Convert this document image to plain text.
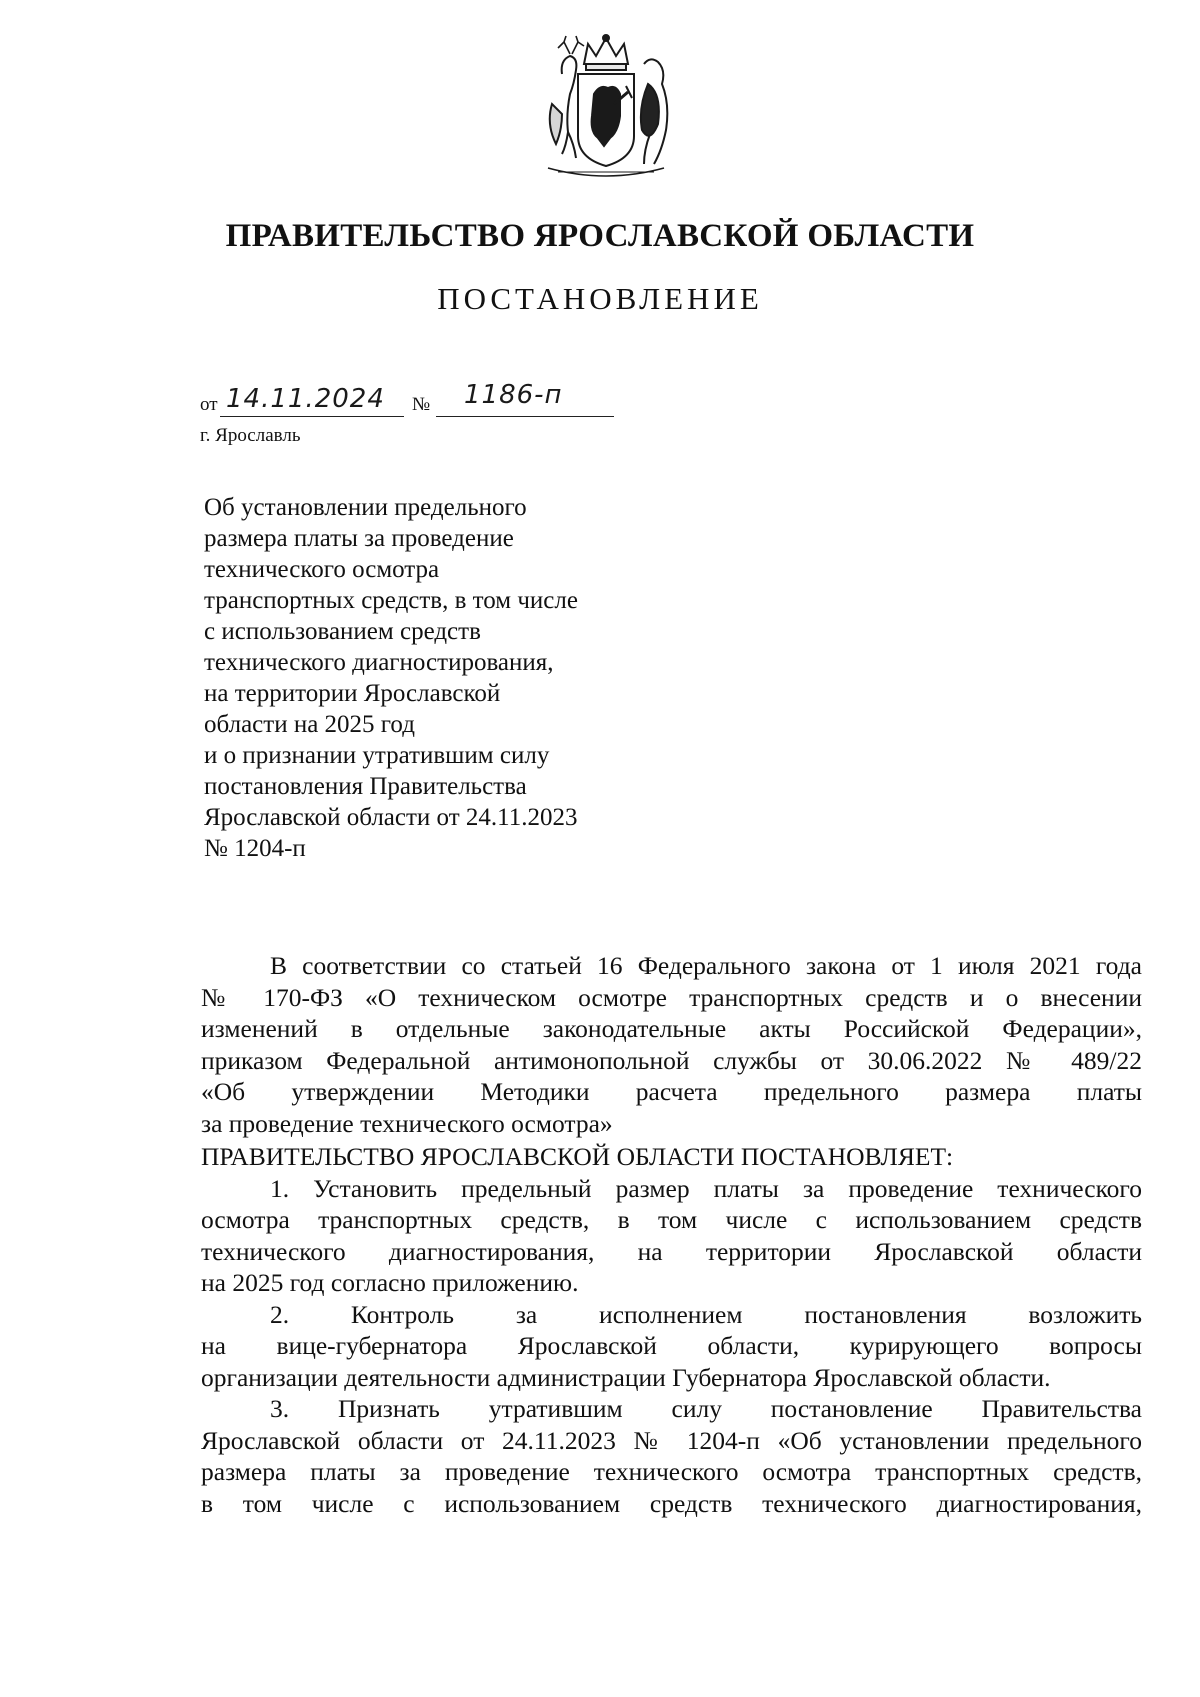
ПРАВИТЕЛЬСТВО ЯРОСЛАВСКОЙ ОБЛАСТИ
ПОСТАНОВЛЕНИЕ
от 14.11.2024 № 1186-п
г. Ярославль
Об установлении предельного
размера платы за проведение
технического осмотра
транспортных средств, в том числе
с использованием средств
технического диагностирования,
на территории Ярославской
области на 2025 год
и о признании утратившим силу
постановления Правительства
Ярославской области от 24.11.2023
№ 1204-п
В соответствии со статьей 16 Федерального закона от 1 июля 2021 года
№ 170-ФЗ «О техническом осмотре транспортных средств и о внесении
изменений в отдельные законодательные акты Российской Федерации»,
приказом Федеральной антимонопольной службы от 30.06.2022 № 489/22
«Об утверждении Методики расчета предельного размера платы
за проведение технического осмотра»
ПРАВИТЕЛЬСТВО ЯРОСЛАВСКОЙ ОБЛАСТИ ПОСТАНОВЛЯЕТ:
1. Установить предельный размер платы за проведение технического
осмотра транспортных средств, в том числе с использованием средств
технического диагностирования, на территории Ярославской области
на 2025 год согласно приложению.
2. Контроль за исполнением постановления возложить
на вице-губернатора Ярославской области, курирующего вопросы
организации деятельности администрации Губернатора Ярославской области.
3. Признать утратившим силу постановление Правительства
Ярославской области от 24.11.2023 № 1204-п «Об установлении предельного
размера платы за проведение технического осмотра транспортных средств,
в том числе с использованием средств технического диагностирования,
